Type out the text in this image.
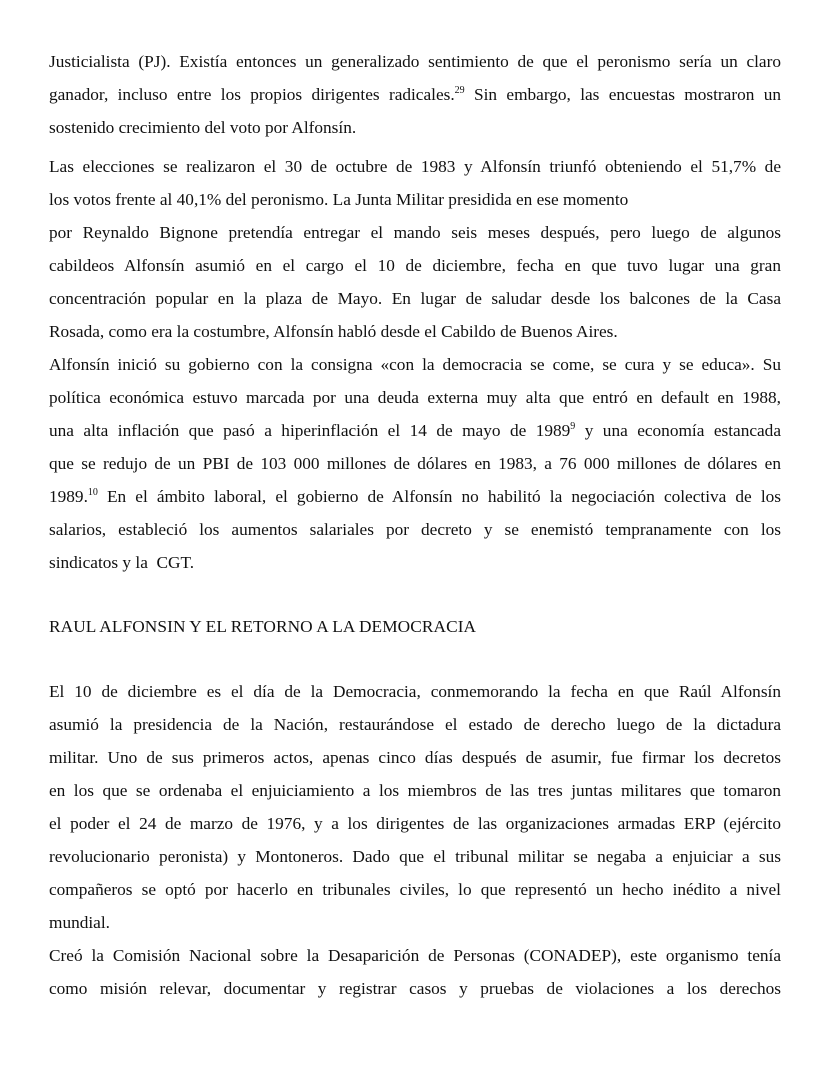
Justicialista (PJ). Existía entonces un generalizado sentimiento de que el peronismo sería un claro
ganador, incluso entre los propios dirigentes radicales.$^{29}$ Sin embargo, las encuestas mostraron un
sostenido crecimiento del voto por Alfonsín.
Las elecciones se realizaron el 30 de octubre de 1983 y Alfonsín triunfó obteniendo el 51,7% de
los votos frente al 40,1% del peronismo. La Junta Militar presidida en ese momento
por Reynaldo Bignone pretendía entregar el mando seis meses después, pero luego de algunos
cabildeos Alfonsín asumió en el cargo el 10 de diciembre, fecha en que tuvo lugar una gran
concentración popular en la plaza de Mayo. En lugar de saludar desde los balcones de la Casa
Rosada, como era la costumbre, Alfonsín habló desde el Cabildo de Buenos Aires.
Alfonsín inició su gobierno con la consigna «con la democracia se come, se cura y se educa». Su
política económica estuvo marcada por una deuda externa muy alta que entró en default en 1988,
una alta inflación que pasó a hiperinflación el 14 de mayo de 1989$^9$ y una economía estancada
que se redujo de un PBI de 103 000 millones de dólares en 1983, a 76 000 millones de dólares en
1989.10 En el ámbito laboral, el gobierno de Alfonsín no habilitó la negociación colectiva de los
salarios, estableció los aumentos salariales por decreto y se enemistó tempranamente con los
sindicatos y la  CGT.
RAUL ALFONSIN Y EL RETORNO A LA DEMOCRACIA
El 10 de diciembre es el día de la Democracia, conmemorando la fecha en que Raúl Alfonsín
asumió la presidencia de la Nación, restaurándose el estado de derecho luego de la dictadura
militar. Uno de sus primeros actos, apenas cinco días después de asumir, fue firmar los decretos
en los que se ordenaba el enjuiciamiento a los miembros de las tres juntas militares que tomaron
el poder el 24 de marzo de 1976, y a los dirigentes de las organizaciones armadas ERP (ejército
revolucionario peronista) y Montoneros. Dado que el tribunal militar se negaba a enjuiciar a sus
compañeros se optó por hacerlo en tribunales civiles, lo que representó un hecho inédito a nivel
mundial.
Creó la Comisión Nacional sobre la Desaparición de Personas (CONADEP), este organismo tenía
como misión relevar, documentar y registrar casos y pruebas de violaciones a los derechos
